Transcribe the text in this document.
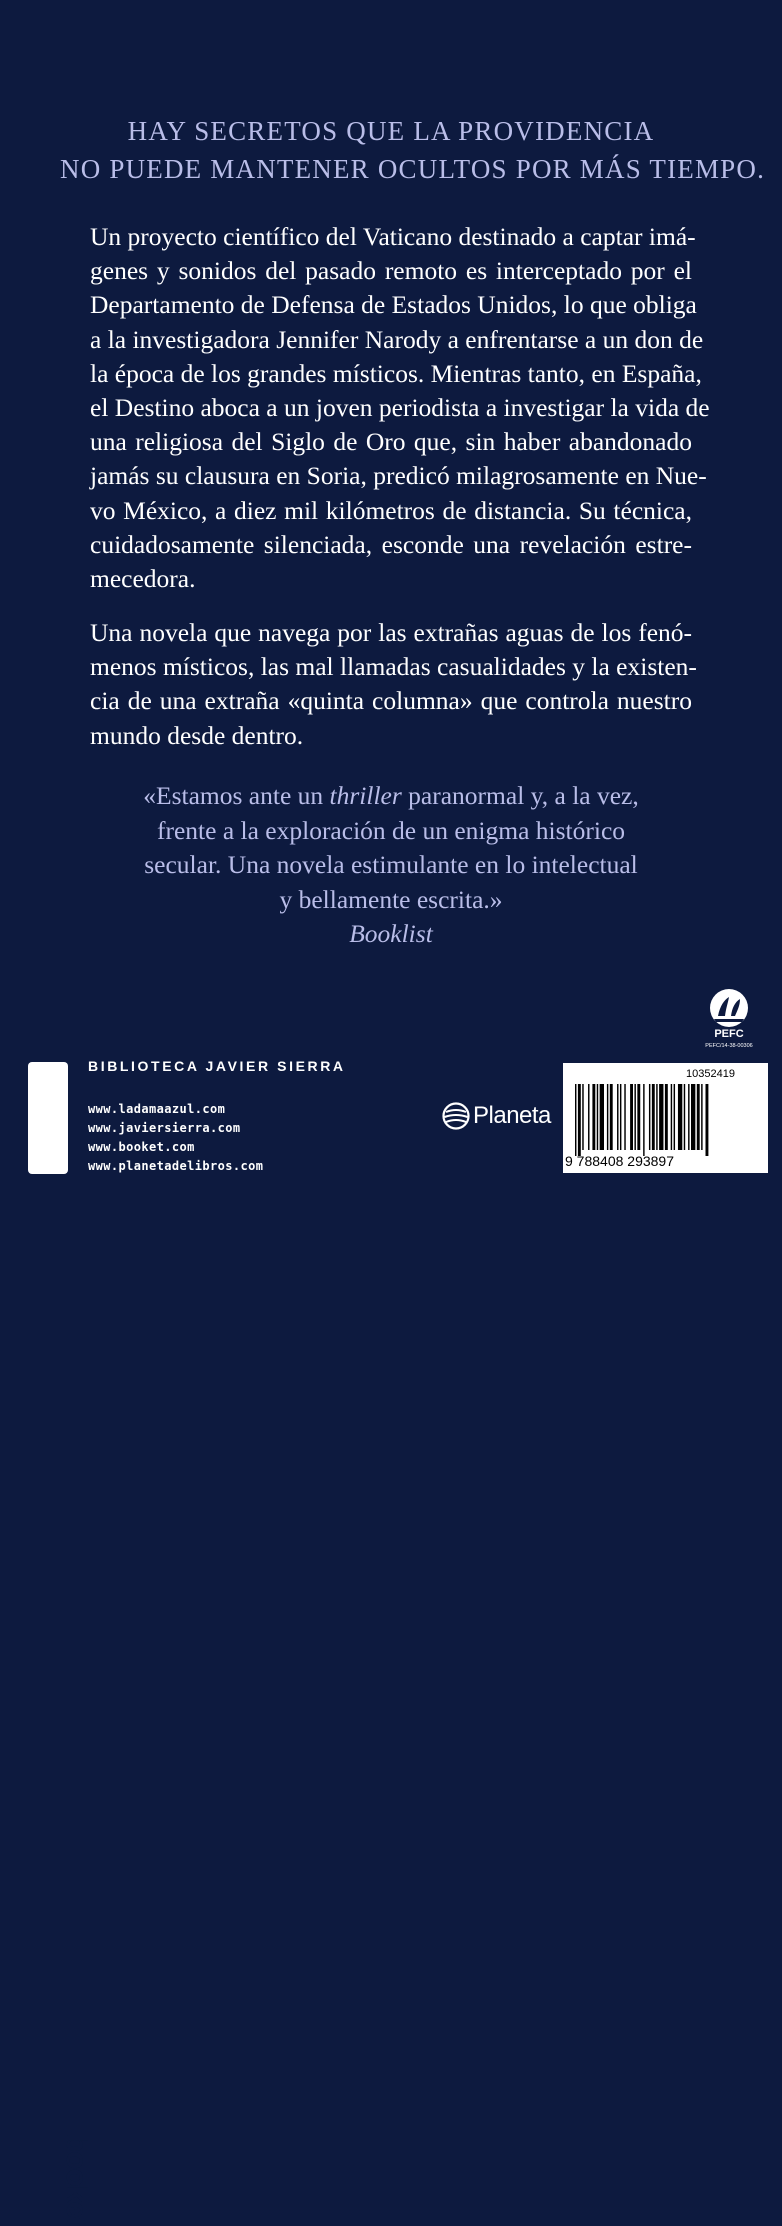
HAY SECRETOS QUE LA PROVIDENCIA
NO PUEDE MANTENER OCULTOS POR MÁS TIEMPO.
Un proyecto científico del Vaticano destinado a captar imá-
genes y sonidos del pasado remoto es interceptado por el
Departamento de Defensa de Estados Unidos, lo que obliga
a la investigadora Jennifer Narody a enfrentarse a un don de
la época de los grandes místicos. Mientras tanto, en España,
el Destino aboca a un joven periodista a investigar la vida de
una religiosa del Siglo de Oro que, sin haber abandonado
jamás su clausura en Soria, predicó milagrosamente en Nue-
vo México, a diez mil kilómetros de distancia. Su técnica,
cuidadosamente silenciada, esconde una revelación estre-
mecedora.
Una novela que navega por las extrañas aguas de los fenó-
menos místicos, las mal llamadas casualidades y la existen-
cia de una extraña «quinta columna» que controla nuestro
mundo desde dentro.
«Estamos ante un thriller paranormal y, a la vez,
frente a la exploración de un enigma histórico
secular. Una novela estimulante en lo intelectual
y bellamente escrita.»
Booklist
PEFC
PEFC/14-38-00306
booket
BIBLIOTECA JAVIER SIERRA
www.ladamaazul.com
www.javiersierra.com
www.booket.com
www.planetadelibros.com
Planeta
10352419
9 788408 293897
